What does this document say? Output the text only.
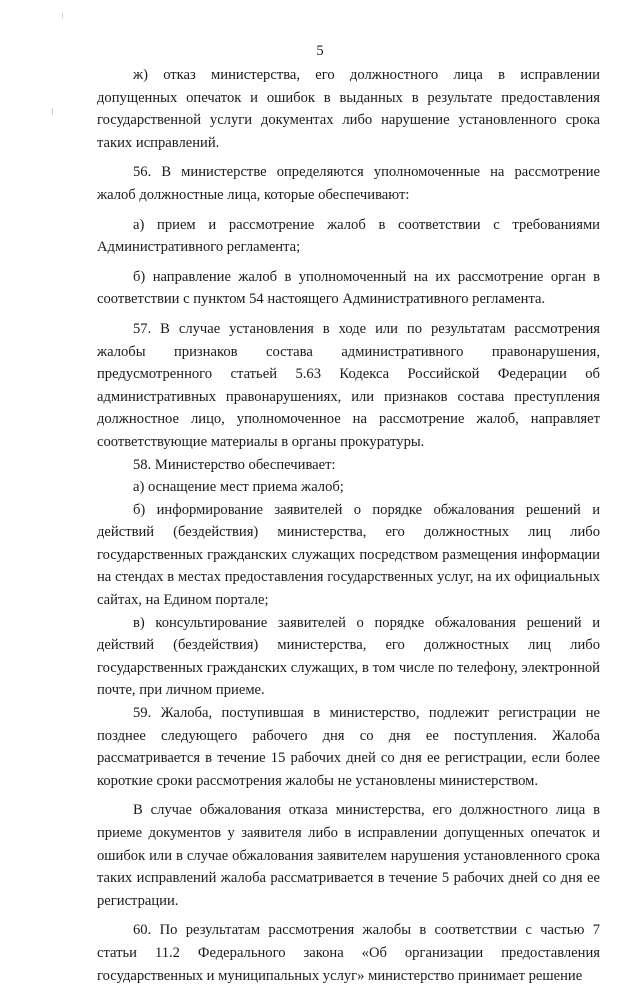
5

ж) отказ министерства, его должностного лица в исправлении допущенных опечаток и ошибок в выданных в результате предоставления государственной услуги документах либо нарушение установленного срока таких исправлений.

56. В министерстве определяются уполномоченные на рассмотрение жалоб должностные лица, которые обеспечивают:

а) прием и рассмотрение жалоб в соответствии с требованиями Административного регламента;

б) направление жалоб в уполномоченный на их рассмотрение орган в соответствии с пунктом 54 настоящего Административного регламента.

57. В случае установления в ходе или по результатам рассмотрения жалобы признаков состава административного правонарушения, предусмотренного статьей 5.63 Кодекса Российской Федерации об административных правонарушениях, или признаков состава преступления должностное лицо, уполномоченное на рассмотрение жалоб, направляет соответствующие материалы в органы прокуратуры.

58. Министерство обеспечивает:

а) оснащение мест приема жалоб;

б) информирование заявителей о порядке обжалования решений и действий (бездействия) министерства, его должностных лиц либо государственных гражданских служащих посредством размещения информации на стендах в местах предоставления государственных услуг, на их официальных сайтах, на Едином портале;

в) консультирование заявителей о порядке обжалования решений и действий (бездействия) министерства, его должностных лиц либо государственных гражданских служащих, в том числе по телефону, электронной почте, при личном приеме.

59. Жалоба, поступившая в министерство, подлежит регистрации не позднее следующего рабочего дня со дня ее поступления. Жалоба рассматривается в течение 15 рабочих дней со дня ее регистрации, если более короткие сроки рассмотрения жалобы не установлены министерством.

В случае обжалования отказа министерства, его должностного лица в приеме документов у заявителя либо в исправлении допущенных опечаток и ошибок или в случае обжалования заявителем нарушения установленного срока таких исправлений жалоба рассматривается в течение 5 рабочих дней со дня ее регистрации.

60. По результатам рассмотрения жалобы в соответствии с частью 7 статьи 11.2 Федерального закона «Об организации предоставления государственных и муниципальных услуг» министерство принимает решение
